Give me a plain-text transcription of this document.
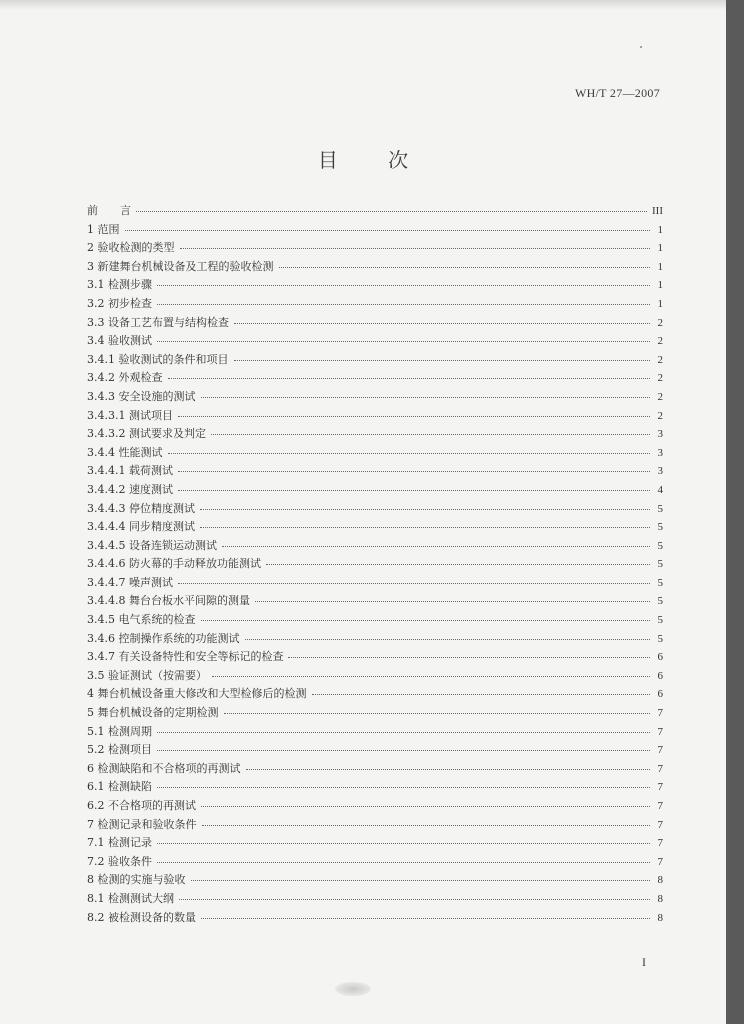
WH/T 27—2007
目 次
前　　言	III
1 范围	1
2 验收检测的类型	1
3 新建舞台机械设备及工程的验收检测	1
3.1 检测步骤	1
3.2 初步检查	1
3.3 设备工艺布置与结构检查	2
3.4 验收测试	2
3.4.1 验收测试的条件和项目	2
3.4.2 外观检查	2
3.4.3 安全设施的测试	2
3.4.3.1 测试项目	2
3.4.3.2 测试要求及判定	3
3.4.4 性能测试	3
3.4.4.1 载荷测试	3
3.4.4.2 速度测试	4
3.4.4.3 停位精度测试	5
3.4.4.4 同步精度测试	5
3.4.4.5 设备连锁运动测试	5
3.4.4.6 防火幕的手动释放功能测试	5
3.4.4.7 噪声测试	5
3.4.4.8 舞台台板水平间隙的测量	5
3.4.5 电气系统的检查	5
3.4.6 控制操作系统的功能测试	5
3.4.7 有关设备特性和安全等标记的检查	6
3.5 验证测试（按需要）	6
4 舞台机械设备重大修改和大型检修后的检测	6
5 舞台机械设备的定期检测	7
5.1 检测周期	7
5.2 检测项目	7
6 检测缺陷和不合格项的再测试	7
6.1 检测缺陷	7
6.2 不合格项的再测试	7
7 检测记录和验收条件	7
7.1 检测记录	7
7.2 验收条件	7
8 检测的实施与验收	8
8.1 检测测试大纲	8
8.2 被检测设备的数量	8
I
